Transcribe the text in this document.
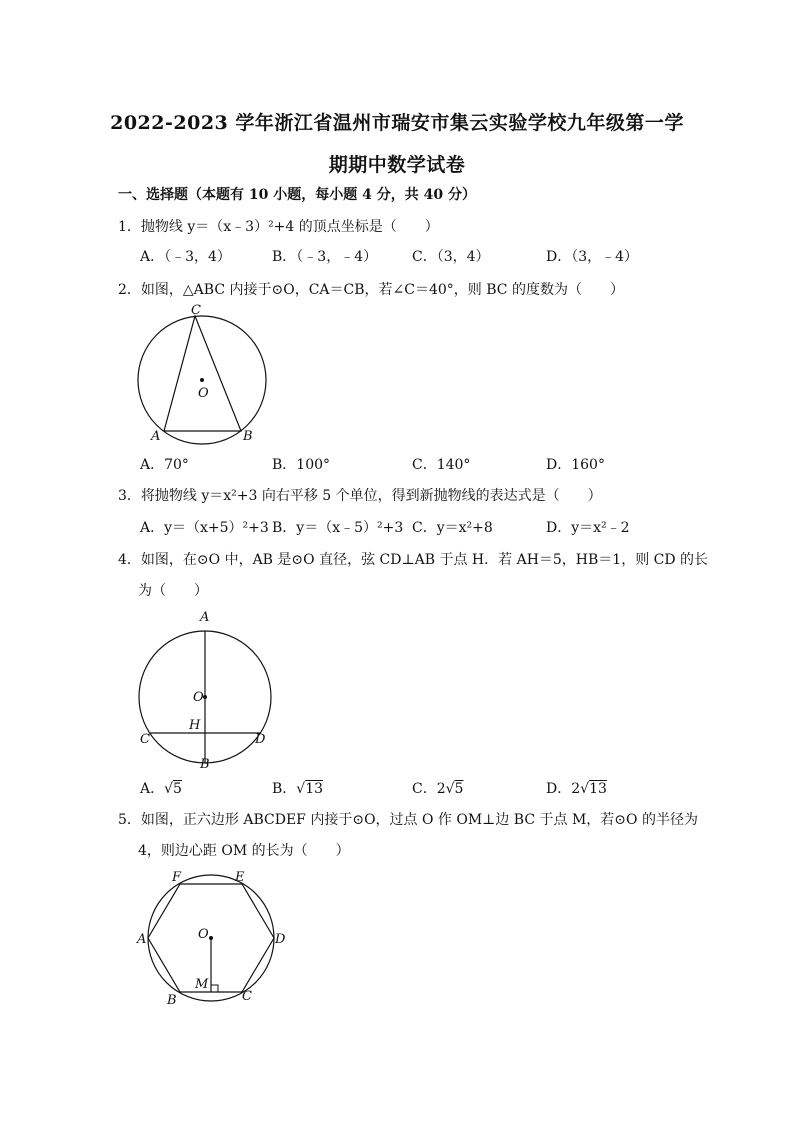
2022-2023 学年浙江省温州市瑞安市集云实验学校九年级第一学
期期中数学试卷
一、选择题（本题有 10 小题，每小题 4 分，共 40 分）
1．抛物线 y＝（x﹣3）²+4 的顶点坐标是（　　）
A．（﹣3，4）	B．（﹣3，﹣4） C．（3，4）	D．（3，﹣4）
2．如图，△ABC 内接于⊙O，CA＝CB，若∠C＝40°，则 BC 的度数为（　　）
C
O
A	B
A．70°	B．100°	C．140°	D．160°
3．将抛物线 y＝x²+3 向右平移 5 个单位，得到新抛物线的表达式是（　　）
A．y＝（x+5）²+3 B．y＝（x﹣5）²+3 C．y＝x²+8	D．y＝x²﹣2
4．如图，在⊙O 中，AB 是⊙O 直径，弦 CD⊥AB 于点 H．若 AH＝5，HB＝1，则 CD 的长
为（　　）
A
O
H
C	D
B
A．√5	B．√13	C．2√5	D．2√13
5．如图，正六边形 ABCDEF 内接于⊙O，过点 O 作 OM⊥边 BC 于点 M，若⊙O 的半径为
4，则边心距 OM 的长为（　　）
F	E
A	O	D
M
B	C
